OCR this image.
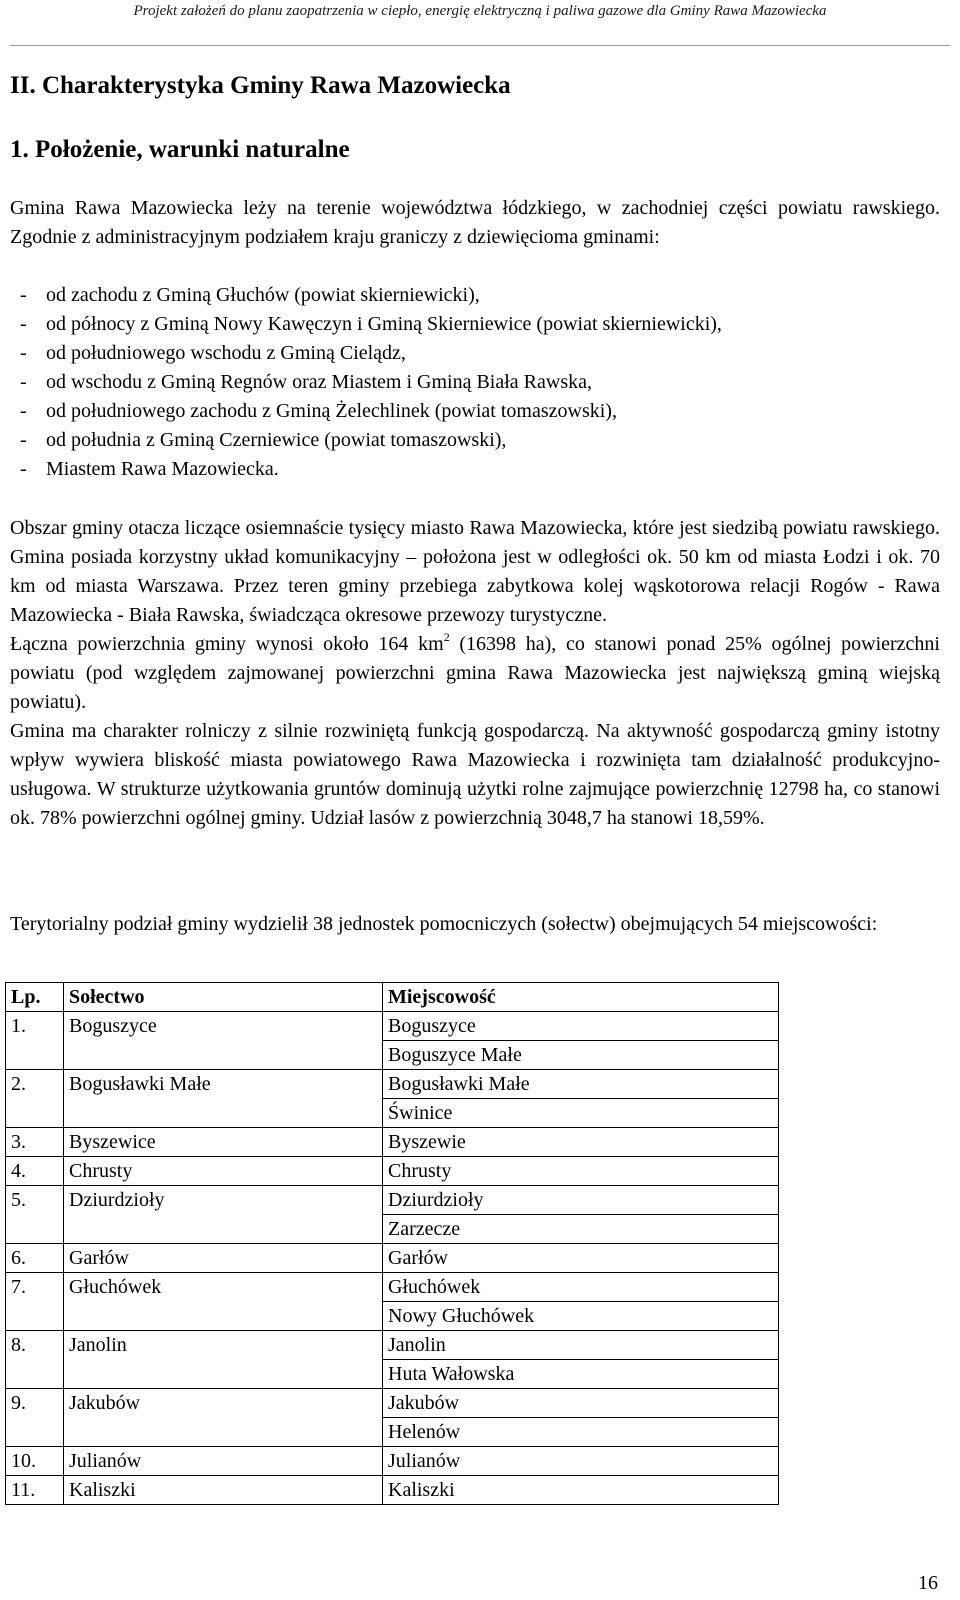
Projekt założeń do planu zaopatrzenia w ciepło, energię elektryczną i paliwa gazowe dla Gminy Rawa Mazowiecka
II. Charakterystyka Gminy Rawa Mazowiecka
1. Położenie, warunki naturalne
Gmina Rawa Mazowiecka leży na terenie województwa łódzkiego, w zachodniej części powiatu rawskiego. Zgodnie z administracyjnym podziałem kraju graniczy z dziewięcioma gminami:
- od zachodu z Gminą Głuchów (powiat skierniewicki),
- od północy z Gminą Nowy Kawęczyn i Gminą Skierniewice (powiat skierniewicki),
- od południowego wschodu z Gminą Cielądz,
- od wschodu z Gminą Regnów oraz Miastem i Gminą Biała Rawska,
- od południowego zachodu z Gminą Żelechlinek (powiat tomaszowski),
- od południa z Gminą Czerniewice (powiat tomaszowski),
- Miastem Rawa Mazowiecka.
Obszar gminy otacza liczące osiemnaście tysięcy miasto Rawa Mazowiecka, które jest siedzibą powiatu rawskiego. Gmina posiada korzystny układ komunikacyjny – położona jest w odległości ok. 50 km od miasta Łodzi i ok. 70 km od miasta Warszawa. Przez teren gminy przebiega zabytkowa kolej wąskotorowa relacji Rogów - Rawa Mazowiecka - Biała Rawska, świadcząca okresowe przewozy turystyczne.
Łączna powierzchnia gminy wynosi około 164 $km^2$ (16398 ha), co stanowi ponad 25% ogólnej powierzchni powiatu (pod względem zajmowanej powierzchni gmina Rawa Mazowiecka jest największą gminą wiejską powiatu).
Gmina ma charakter rolniczy z silnie rozwiniętą funkcją gospodarczą. Na aktywność gospodarczą gminy istotny wpływ wywiera bliskość miasta powiatowego Rawa Mazowiecka i rozwinięta tam działalność produkcyjno-usługowa. W strukturze użytkowania gruntów dominują użytki rolne zajmujące powierzchnię 12798 ha, co stanowi ok. 78% powierzchni ogólnej gminy. Udział lasów z powierzchnią 3048,7 ha stanowi 18,59%.
Terytorialny podział gminy wydzielił 38 jednostek pomocniczych (sołectw) obejmujących 54 miejscowości:
Lp.	Sołectwo	Miejscowość
1.	Boguszyce	Boguszyce
		Boguszyce Małe
2.	Bogusławki Małe	Bogusławki Małe
		Świnice
3.	Byszewice	Byszewie
4.	Chrusty	Chrusty
5.	Dziurdzioły	Dziurdzioły
		Zarzecze
6.	Garłów	Garłów
7.	Głuchówek	Głuchówek
		Nowy Głuchówek
8.	Janolin	Janolin
		Huta Wałowska
9.	Jakubów	Jakubów
		Helenów
10.	Julianów	Julianów
11.	Kaliszki	Kaliszki
16
